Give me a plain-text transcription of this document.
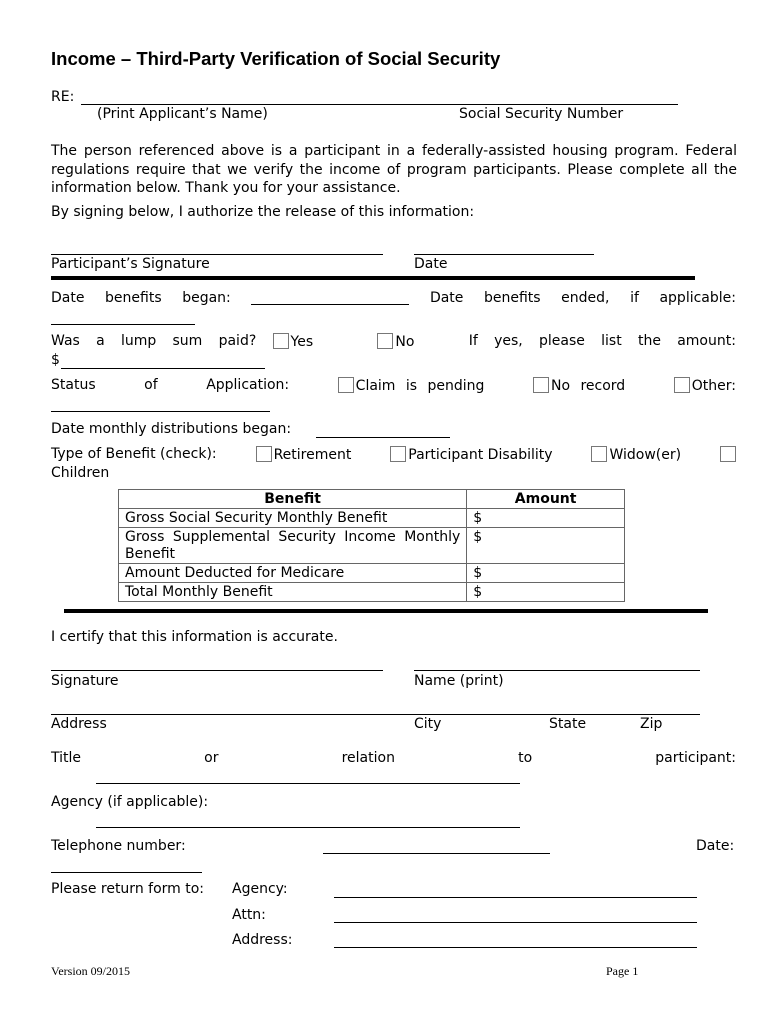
Income – Third-Party Verification of Social Security
RE:
(Print Applicant’s Name)	Social Security Number
The person referenced above is a participant in a federally-assisted housing program. Federal regulations require that we verify the income of program participants. Please complete all the information below. Thank you for your assistance.
By signing below, I authorize the release of this information:
Participant’s Signature	Date
Date benefits began:	Date benefits ended, if applicable:
Was a lump sum paid?	Yes	No	If yes, please list the amount:
$
Status	of	Application:	Claim is pending	No record	Other:
Date monthly distributions began:
Type of Benefit (check):	Retirement	Participant Disability	Widow(er)
Children
Benefit	Amount
Gross Social Security Monthly Benefit	$
Gross Supplemental Security Income Monthly Benefit	$
Amount Deducted for Medicare	$
Total Monthly Benefit	$
I certify that this information is accurate.
Signature	Name (print)
Address	City	State	Zip
Title	or	relation	to	participant:
Agency (if applicable):
Telephone number:	Date:
Please return form to: Agency:
Attn:
Address:
Version 09/2015	Page 1
